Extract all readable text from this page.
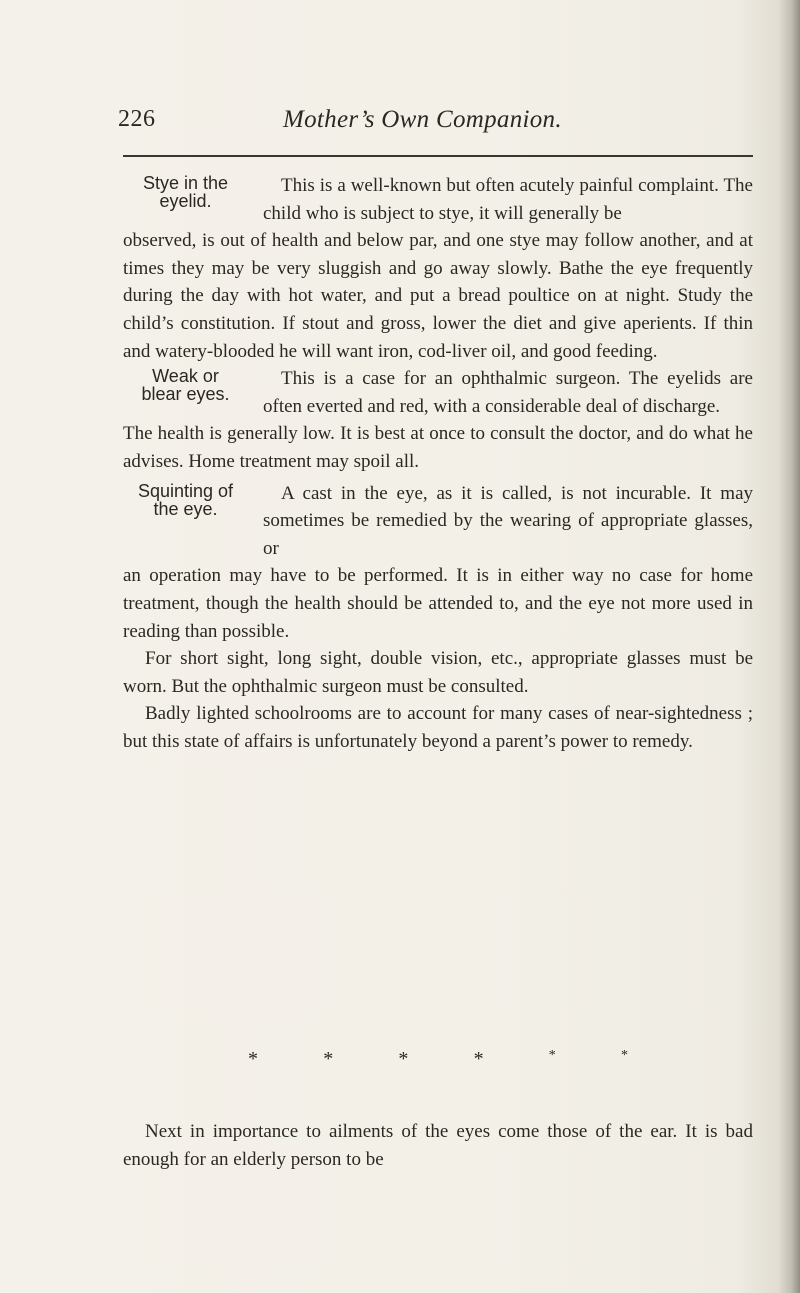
226	Mother’s Own Companion.
Stye in the
eyelid.

This is a well-known but often acutely painful complaint. The child who is subject to stye, it will generally be

observed, is out of health and below par, and one stye may follow another, and at times they may be very sluggish and go away slowly. Bathe the eye frequently during the day with hot water, and put a bread poultice on at night. Study the child’s constitution. If stout and gross, lower the diet and give aperients. If thin and watery-blooded he will want iron, cod-liver oil, and good feeding.

Weak or
blear eyes.

This is a case for an ophthalmic surgeon. The eyelids are often everted and red, with a considerable deal of discharge.

The health is generally low. It is best at once to consult the doctor, and do what he advises. Home treatment may spoil all.

Squinting of
the eye.

A cast in the eye, as it is called, is not incurable. It may sometimes be remedied by the wearing of appropriate glasses, or

an operation may have to be performed. It is in either way no case for home treatment, though the health should be attended to, and the eye not more used in reading than possible.

For short sight, long sight, double vision, etc., appropriate glasses must be worn. But the ophthalmic surgeon must be consulted.

Badly lighted schoolrooms are to account for many cases of near-sightedness ; but this state of affairs is unfortunately beyond a parent’s power to remedy.

*	*	*	*	*	*

Next in importance to ailments of the eyes come those of the ear. It is bad enough for an elderly person to be
